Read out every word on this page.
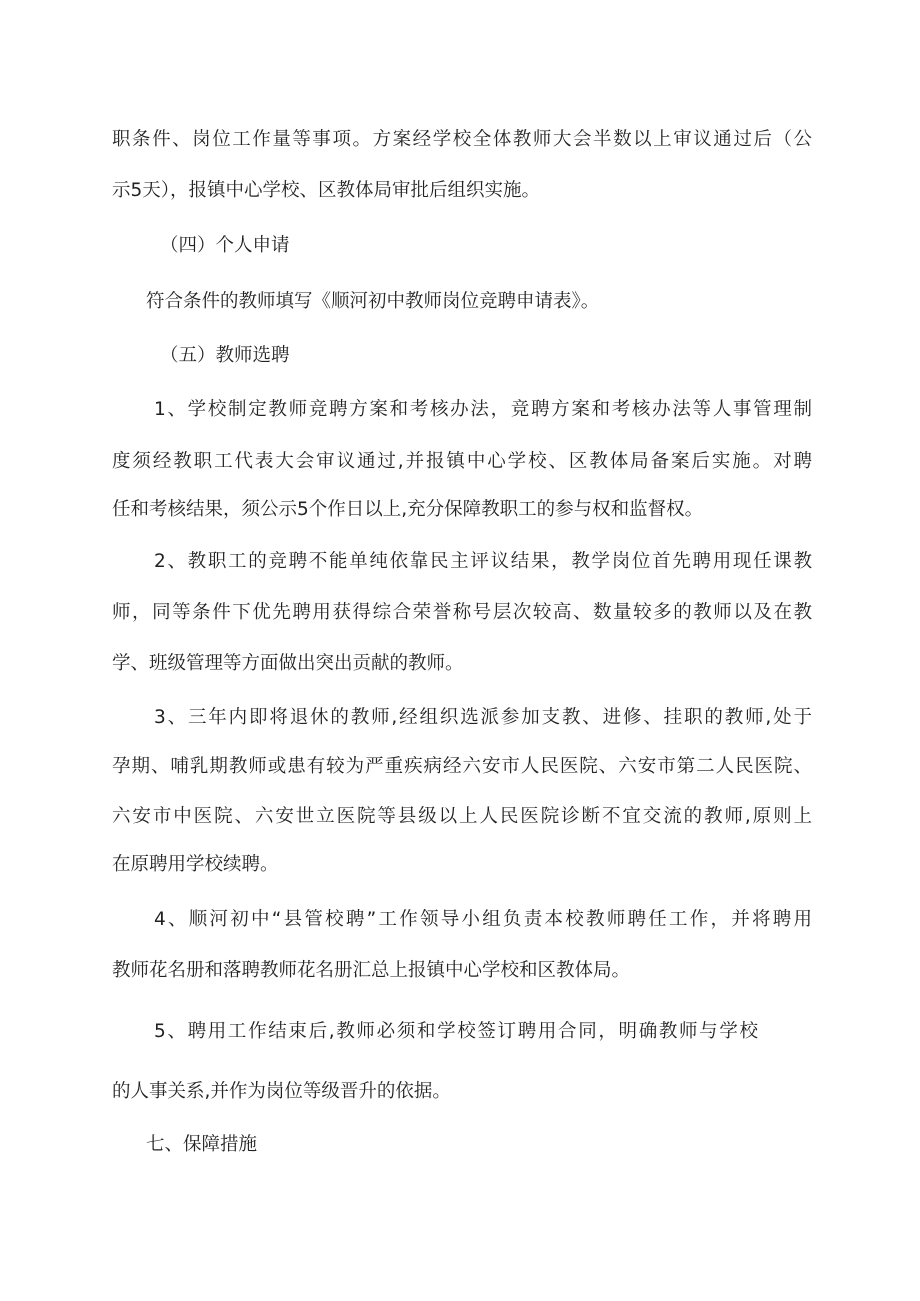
职条件、岗位工作量等事项。方案经学校全体教师大会半数以上审议通过后（公
示5天），报镇中心学校、区教体局审批后组织实施。
（四）个人申请
符合条件的教师填写《顺河初中教师岗位竞聘申请表》。
（五）教师选聘
1、学校制定教师竞聘方案和考核办法，竞聘方案和考核办法等人事管理制
度须经教职工代表大会审议通过,并报镇中心学校、区教体局备案后实施。对聘
任和考核结果，须公示5个作日以上,充分保障教职工的参与权和监督权。
2、教职工的竞聘不能单纯依靠民主评议结果，教学岗位首先聘用现任课教
师，同等条件下优先聘用获得综合荣誉称号层次较高、数量较多的教师以及在教
学、班级管理等方面做出突出贡献的教师。
3、三年内即将退休的教师,经组织选派参加支教、进修、挂职的教师,处于
孕期、哺乳期教师或患有较为严重疾病经六安市人民医院、六安市第二人民医院、
六安市中医院、六安世立医院等县级以上人民医院诊断不宜交流的教师,原则上
在原聘用学校续聘。
4、顺河初中“县管校聘”工作领导小组负责本校教师聘任工作，并将聘用
教师花名册和落聘教师花名册汇总上报镇中心学校和区教体局。
5、聘用工作结束后,教师必须和学校签订聘用合同，明确教师与学校
的人事关系,并作为岗位等级晋升的依据。
七、保障措施
